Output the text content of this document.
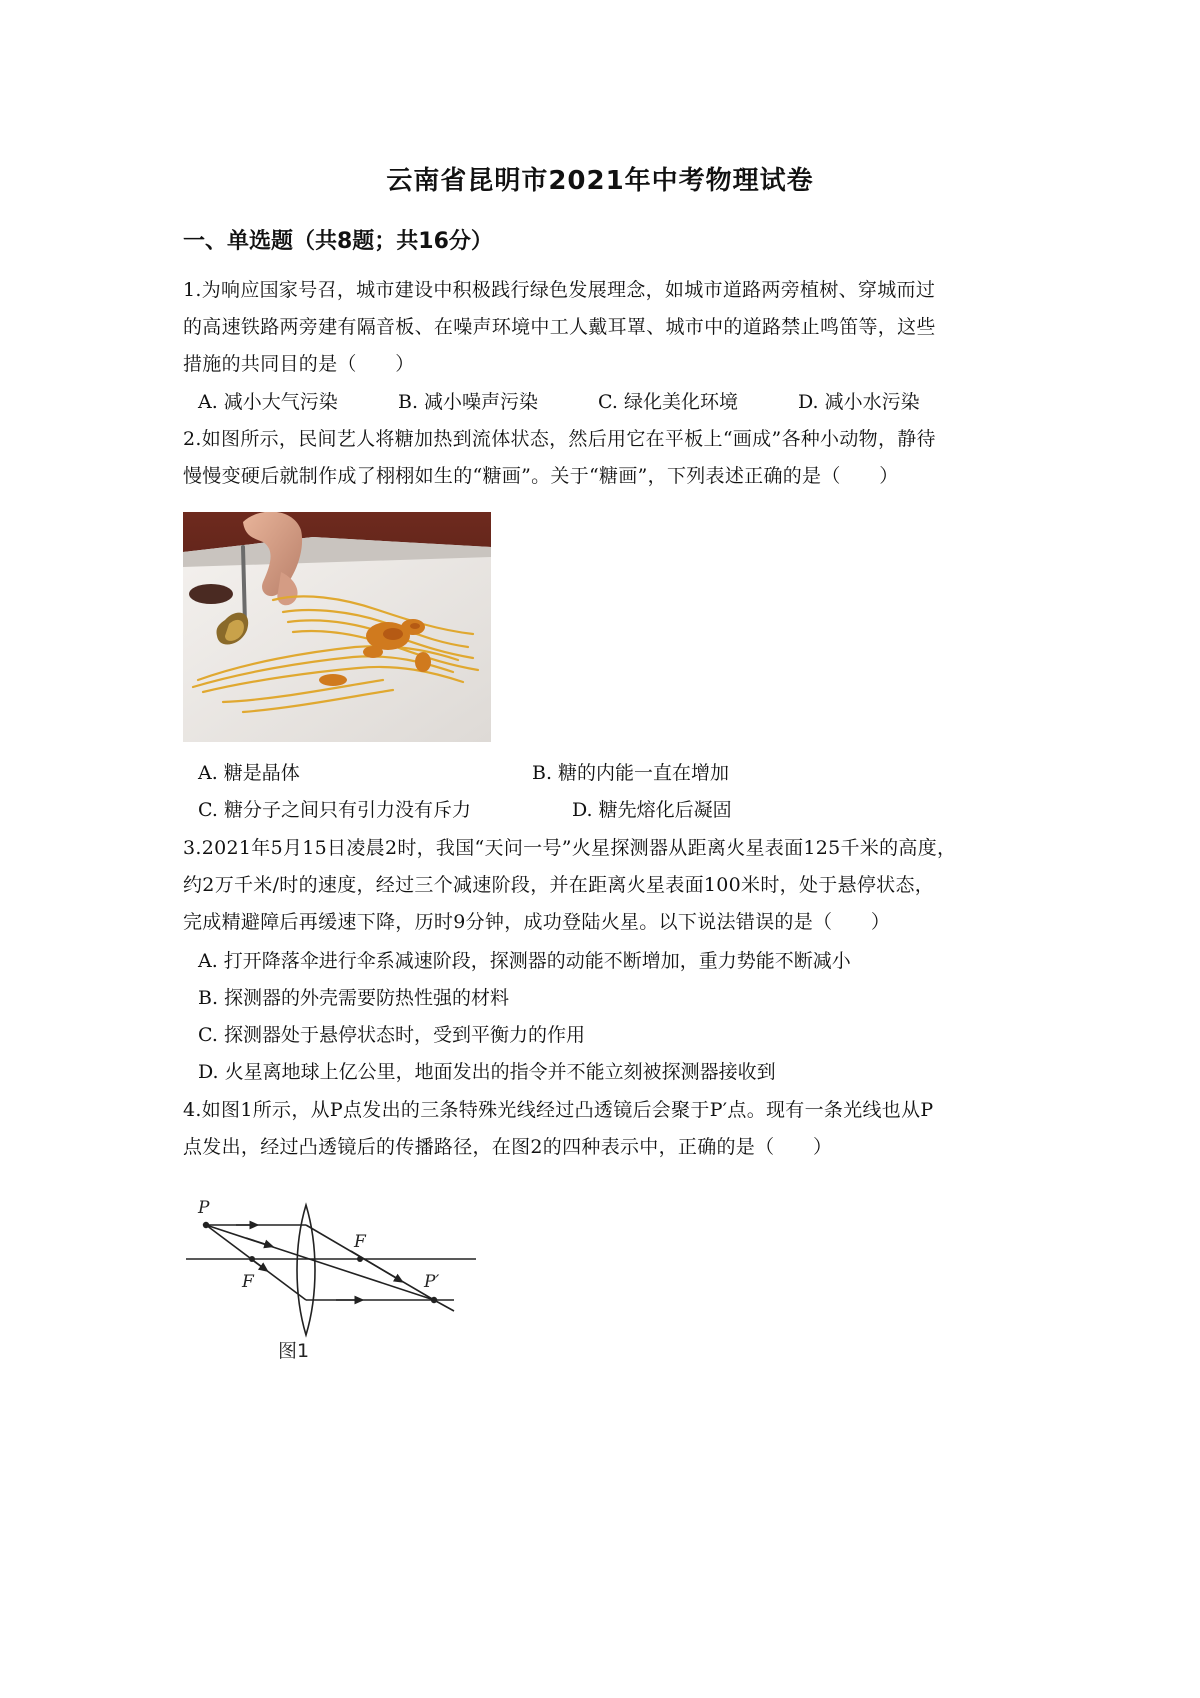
云南省昆明市2021年中考物理试卷
一、单选题（共8题；共16分）
1.为响应国家号召，城市建设中积极践行绿色发展理念，如城市道路两旁植树、穿城而过
的高速铁路两旁建有隔音板、在噪声环境中工人戴耳罩、城市中的道路禁止鸣笛等，这些
措施的共同目的是（　　）
A. 减小大气污染	B. 减小噪声污染	C. 绿化美化环境	D. 减小水污染
2.如图所示，民间艺人将糖加热到流体状态，然后用它在平板上“画成”各种小动物，静待
慢慢变硬后就制作成了栩栩如生的“糖画”。关于“糖画”，下列表述正确的是（　　）
A. 糖是晶体	B. 糖的内能一直在增加
C. 糖分子之间只有引力没有斥力	D. 糖先熔化后凝固
3.2021年5月15日凌晨2时，我国“天问一号”火星探测器从距离火星表面125千米的高度，
约2万千米/时的速度，经过三个减速阶段，并在距离火星表面100米时，处于悬停状态，
完成精避障后再缓速下降，历时9分钟，成功登陆火星。以下说法错误的是（　　）
A. 打开降落伞进行伞系减速阶段，探测器的动能不断增加，重力势能不断减小
B. 探测器的外壳需要防热性强的材料
C. 探测器处于悬停状态时，受到平衡力的作用
D. 火星离地球上亿公里，地面发出的指令并不能立刻被探测器接收到
4.如图1所示，从P点发出的三条特殊光线经过凸透镜后会聚于P′点。现有一条光线也从P
点发出，经过凸透镜后的传播路径，在图2的四种表示中，正确的是（　　）
P
F
F
P′
图1
